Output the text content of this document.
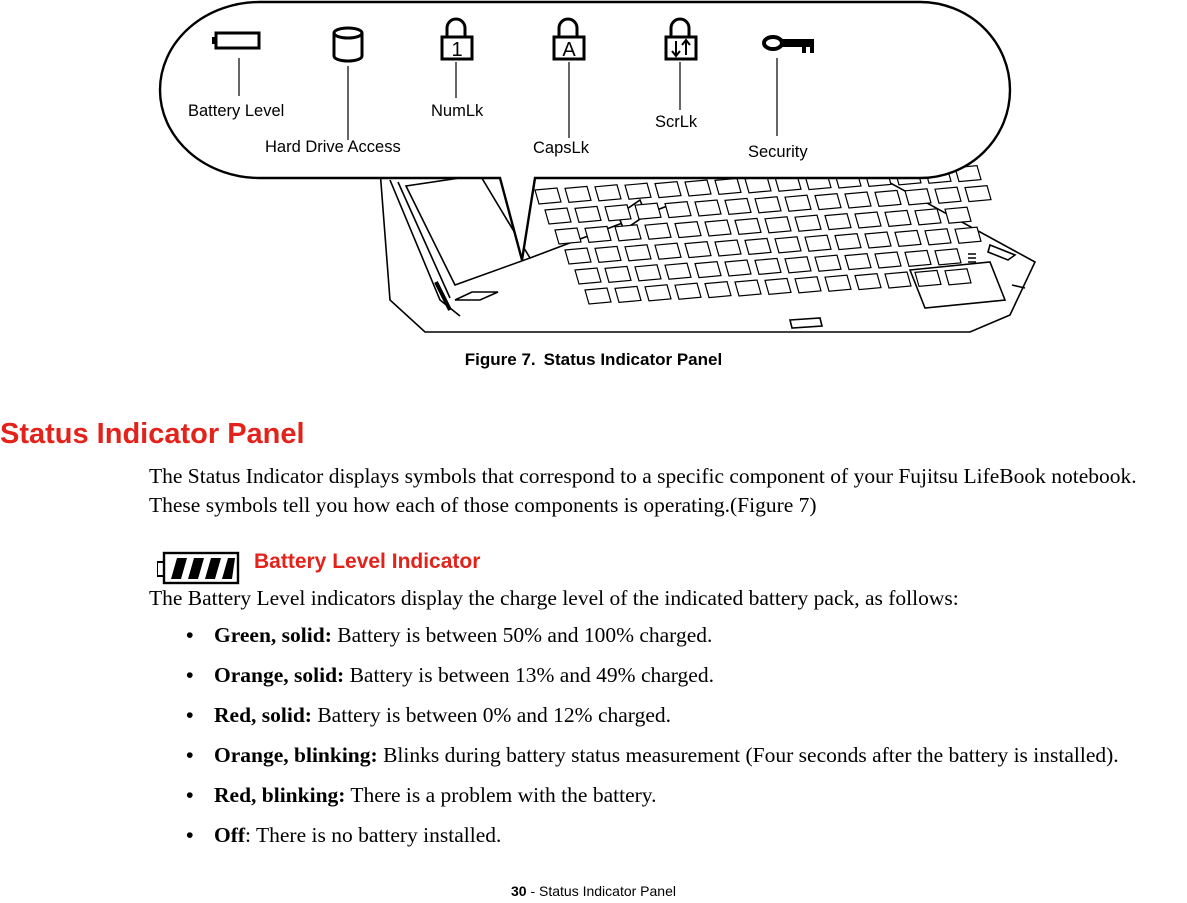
1	A
Battery Level
Hard Drive Access
NumLk
CapsLk
ScrLk
Security
Figure 7. Status Indicator Panel
Status Indicator Panel
The Status Indicator displays symbols that correspond to a specific component of your Fujitsu LifeBook notebook. These symbols tell you how each of those components is operating.(Figure 7)
Battery Level Indicator
The Battery Level indicators display the charge level of the indicated battery pack, as follows:
• Green, solid: Battery is between 50% and 100% charged.
• Orange, solid: Battery is between 13% and 49% charged.
• Red, solid: Battery is between 0% and 12% charged.
• Orange, blinking: Blinks during battery status measurement (Four seconds after the battery is installed).
• Red, blinking: There is a problem with the battery.
• Off: There is no battery installed.
30 - Status Indicator Panel
